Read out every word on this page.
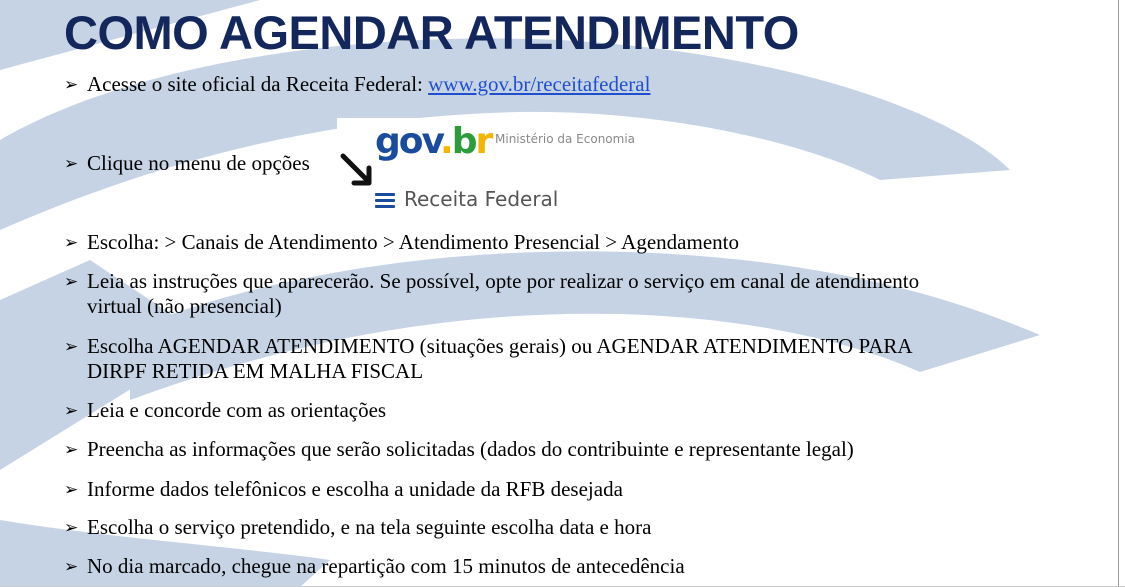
COMO AGENDAR ATENDIMENTO
➢ Acesse o site oficial da Receita Federal: www.gov.br/receitafederal
➢ Clique no menu de opções
gov.br Ministério da Economia
Receita Federal
➢ Escolha: > Canais de Atendimento > Atendimento Presencial > Agendamento
➢ Leia as instruções que aparecerão. Se possível, opte por realizar o serviço em canal de atendimento
virtual (não presencial)
➢ Escolha AGENDAR ATENDIMENTO (situações gerais) ou AGENDAR ATENDIMENTO PARA
DIRPF RETIDA EM MALHA FISCAL
➢ Leia e concorde com as orientações
➢ Preencha as informações que serão solicitadas (dados do contribuinte e representante legal)
➢ Informe dados telefônicos e escolha a unidade da RFB desejada
➢ Escolha o serviço pretendido, e na tela seguinte escolha data e hora
➢ No dia marcado, chegue na repartição com 15 minutos de antecedência
